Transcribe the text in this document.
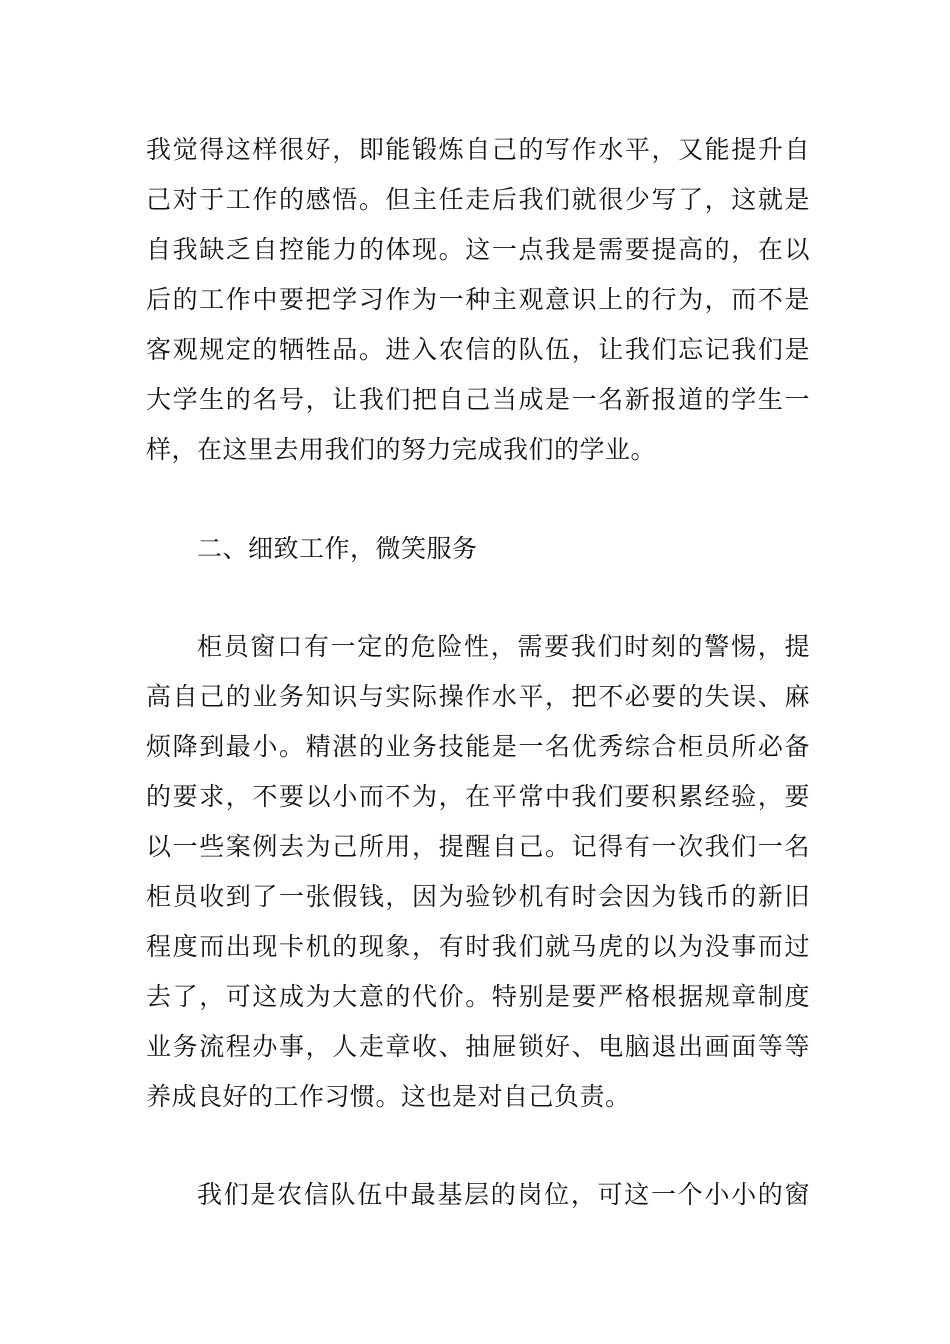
我觉得这样很好，即能锻炼自己的写作水平，又能提升自
己对于工作的感悟。但主任走后我们就很少写了，这就是
自我缺乏自控能力的体现。这一点我是需要提高的，在以
后的工作中要把学习作为一种主观意识上的行为，而不是
客观规定的牺牲品。进入农信的队伍，让我们忘记我们是
大学生的名号，让我们把自己当成是一名新报道的学生一
样，在这里去用我们的努力完成我们的学业。
二、细致工作，微笑服务
柜员窗口有一定的危险性，需要我们时刻的警惕，提
高自己的业务知识与实际操作水平，把不必要的失误、麻
烦降到最小。精湛的业务技能是一名优秀综合柜员所必备
的要求，不要以小而不为，在平常中我们要积累经验，要
以一些案例去为己所用，提醒自己。记得有一次我们一名
柜员收到了一张假钱，因为验钞机有时会因为钱币的新旧
程度而出现卡机的现象，有时我们就马虎的以为没事而过
去了，可这成为大意的代价。特别是要严格根据规章制度
业务流程办事，人走章收、抽屉锁好、电脑退出画面等等
养成良好的工作习惯。这也是对自己负责。
我们是农信队伍中最基层的岗位，可这一个小小的窗
